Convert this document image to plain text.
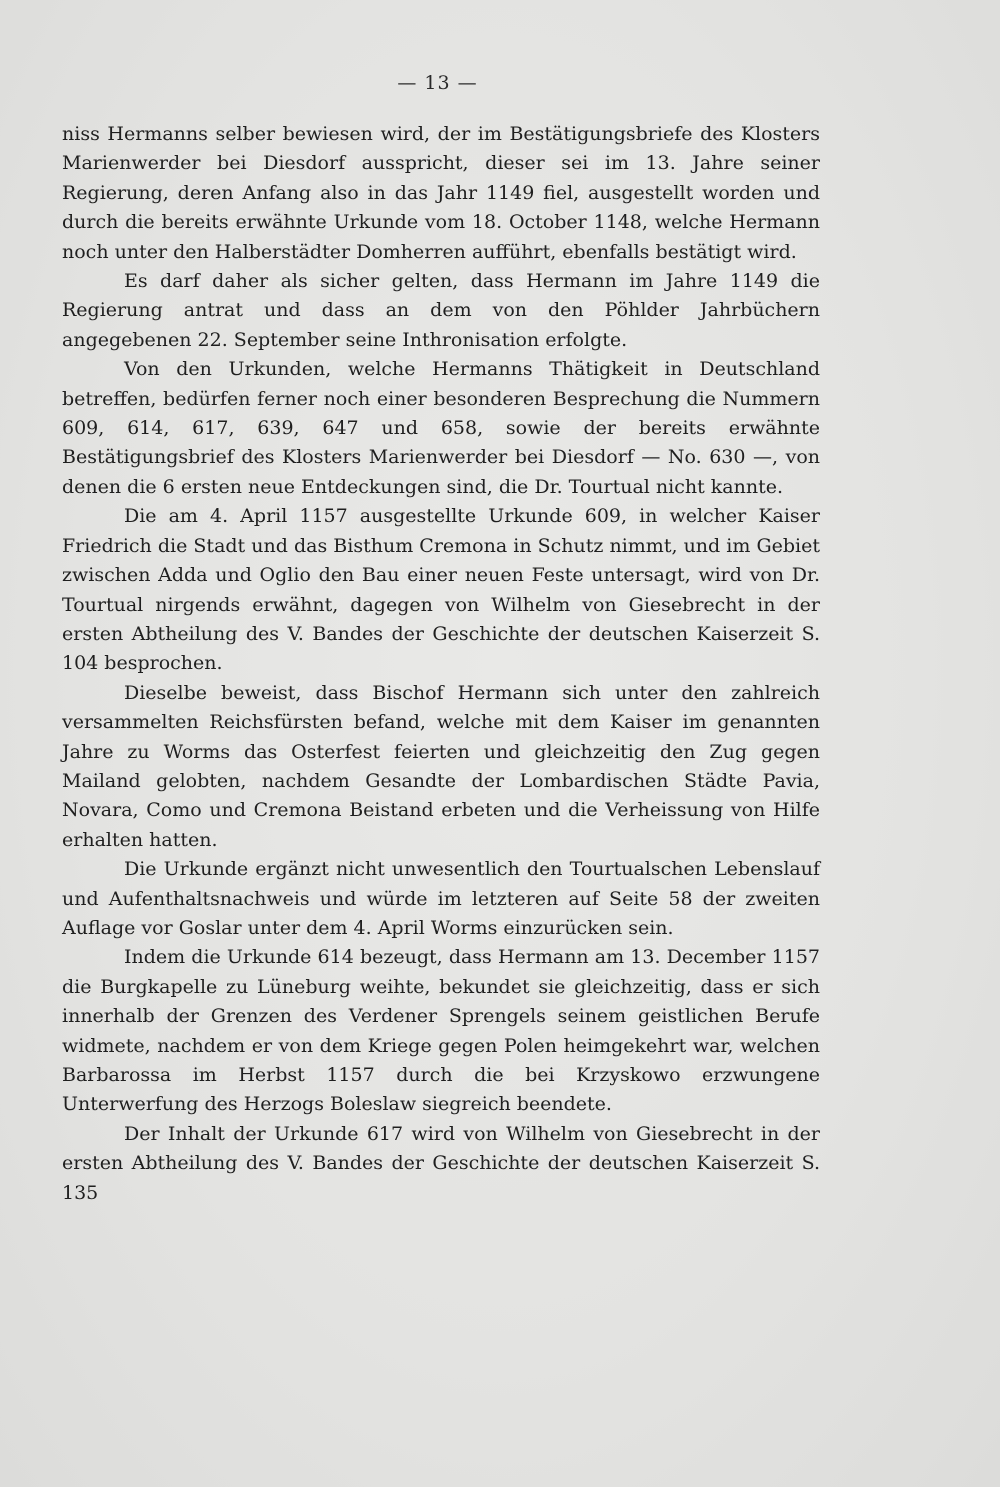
— 13 —

niss Hermanns selber bewiesen wird, der im Bestätigungsbriefe des Klosters Marienwerder bei Diesdorf ausspricht, dieser sei im 13. Jahre seiner Regierung, deren Anfang also in das Jahr 1149 fiel, ausgestellt worden und durch die bereits erwähnte Urkunde vom 18. October 1148, welche Hermann noch unter den Halberstädter Domherren aufführt, ebenfalls bestätigt wird.

Es darf daher als sicher gelten, dass Hermann im Jahre 1149 die Regierung antrat und dass an dem von den Pöhlder Jahrbüchern angegebenen 22. September seine Inthronisation erfolgte.

Von den Urkunden, welche Hermanns Thätigkeit in Deutschland betreffen, bedürfen ferner noch einer besonderen Besprechung die Nummern 609, 614, 617, 639, 647 und 658, sowie der bereits erwähnte Bestätigungsbrief des Klosters Marienwerder bei Diesdorf — No. 630 —, von denen die 6 ersten neue Entdeckungen sind, die Dr. Tourtual nicht kannte.

Die am 4. April 1157 ausgestellte Urkunde 609, in welcher Kaiser Friedrich die Stadt und das Bisthum Cremona in Schutz nimmt, und im Gebiet zwischen Adda und Oglio den Bau einer neuen Feste untersagt, wird von Dr. Tourtual nirgends erwähnt, dagegen von Wilhelm von Giesebrecht in der ersten Abtheilung des V. Bandes der Geschichte der deutschen Kaiserzeit S. 104 besprochen.

Dieselbe beweist, dass Bischof Hermann sich unter den zahlreich versammelten Reichsfürsten befand, welche mit dem Kaiser im genannten Jahre zu Worms das Osterfest feierten und gleichzeitig den Zug gegen Mailand gelobten, nachdem Gesandte der Lombardischen Städte Pavia, Novara, Como und Cremona Beistand erbeten und die Verheissung von Hilfe erhalten hatten.

Die Urkunde ergänzt nicht unwesentlich den Tourtualschen Lebenslauf und Aufenthaltsnachweis und würde im letzteren auf Seite 58 der zweiten Auflage vor Goslar unter dem 4. April Worms einzurücken sein.

Indem die Urkunde 614 bezeugt, dass Hermann am 13. December 1157 die Burgkapelle zu Lüneburg weihte, bekundet sie gleichzeitig, dass er sich innerhalb der Grenzen des Verdener Sprengels seinem geistlichen Berufe widmete, nachdem er von dem Kriege gegen Polen heimgekehrt war, welchen Barbarossa im Herbst 1157 durch die bei Krzyskowo erzwungene Unterwerfung des Herzogs Boleslaw siegreich beendete.

Der Inhalt der Urkunde 617 wird von Wilhelm von Giesebrecht in der ersten Abtheilung des V. Bandes der Geschichte der deutschen Kaiserzeit S. 135
